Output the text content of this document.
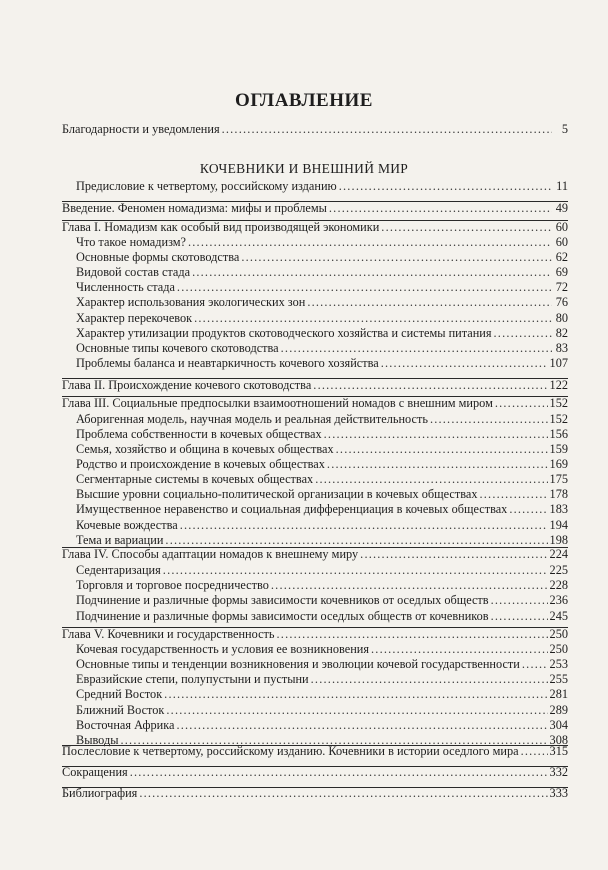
ОГЛАВЛЕНИЕ
КОЧЕВНИКИ И ВНЕШНИЙ МИР
Благодарности и уведомления .....	5
Предисловие к четвертому, российскому изданию .....	11
Введение. Феномен номадизма: мифы и проблемы .....	49
Глава I. Номадизм как особый вид производящей экономики .....	60
Что такое номадизм? .....	60
Основные формы скотоводства .....	62
Видовой состав стада .....	69
Численность стада .....	72
Характер использования экологических зон .....	76
Характер перекочевок .....	80
Характер утилизации продуктов скотоводческого хозяйства и системы питания .....	82
Основные типы кочевого скотоводства .....	83
Проблемы баланса и неавтаркичность кочевого хозяйства .....	107
Глава II. Происхождение кочевого скотоводства .....	122
Глава III. Социальные предпосылки взаимоотношений номадов с внешним миром .....	152
Аборигенная модель, научная модель и реальная действительность .....	152
Проблема собственности в кочевых обществах .....	156
Семья, хозяйство и община в кочевых обществах .....	159
Родство и происхождение в кочевых обществах .....	169
Сегментарные системы в кочевых обществах .....	175
Высшие уровни социально-политической организации в кочевых обществах .....	178
Имущественное неравенство и социальная дифференциация в кочевых обществах .....	183
Кочевые вождества .....	194
Тема и вариации .....	198
Глава IV. Способы адаптации номадов к внешнему миру .....	224
Седентаризация .....	225
Торговля и торговое посредничество .....	228
Подчинение и различные формы зависимости кочевников от оседлых обществ .....	236
Подчинение и различные формы зависимости оседлых обществ от кочевников .....	245
Глава V. Кочевники и государственность .....	250
Кочевая государственность и условия ее возникновения .....	250
Основные типы и тенденции возникновения и эволюции кочевой государственности ..... 253
Евразийские степи, полупустыни и пустыни .....	255
Средний Восток .....	281
Ближний Восток .....	289
Восточная Африка .....	304
Выводы .....	308
Послесловие к четвертому, российскому изданию. Кочевники в истории оседлого мира .....	315
Сокращения .....	332
Библиография .....	333
